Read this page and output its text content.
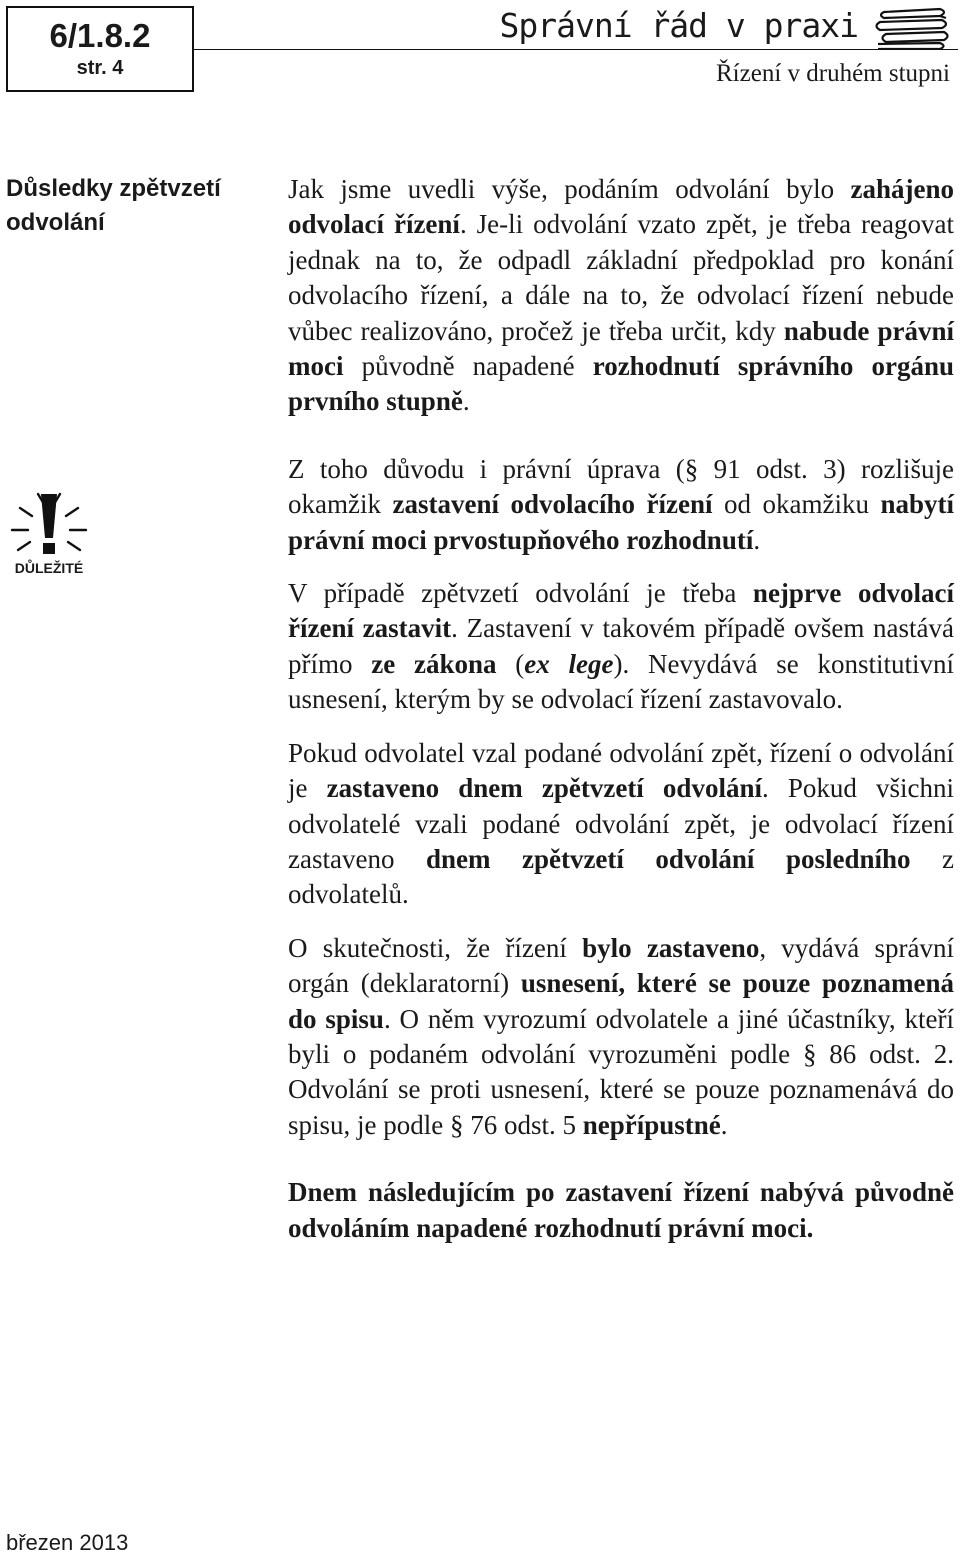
6/1.8.2
str. 4
Správní řád v praxi
Řízení v druhém stupni
Důsledky zpětvzetí odvolání
DŮLEŽITÉ

Jak jsme uvedli výše, podáním odvolání bylo zahájeno odvolací řízení. Je-li odvolání vzato zpět, je třeba reagovat jednak na to, že odpadl základní předpoklad pro konání odvolacího řízení, a dále na to, že odvolací řízení nebude vůbec realizováno, pročež je třeba určit, kdy nabude právní moci původně napadené rozhodnutí správního orgánu prvního stupně.

Z toho důvodu i právní úprava (§ 91 odst. 3) rozlišuje okamžik zastavení odvolacího řízení od okamžiku nabytí právní moci prvostupňového rozhodnutí.

V případě zpětvzetí odvolání je třeba nejprve odvolací řízení zastavit. Zastavení v takovém případě ovšem nastává přímo ze zákona (ex lege). Nevydává se konstitutivní usnesení, kterým by se odvolací řízení zastavovalo.

Pokud odvolatel vzal podané odvolání zpět, řízení o odvolání je zastaveno dnem zpětvzetí odvolání. Pokud všichni odvolatelé vzali podané odvolání zpět, je odvolací řízení zastaveno dnem zpětvzetí odvolání posledního z odvolatelů.

O skutečnosti, že řízení bylo zastaveno, vydává správní orgán (deklaratorní) usnesení, které se pouze poznamená do spisu. O něm vyrozumí odvolatele a jiné účastníky, kteří byli o podaném odvolání vyrozuměni podle § 86 odst. 2. Odvolání se proti usnesení, které se pouze poznamenává do spisu, je podle § 76 odst. 5 nepřípustné.

Dnem následujícím po zastavení řízení nabývá původně odvoláním napadené rozhodnutí právní moci.

březen 2013
